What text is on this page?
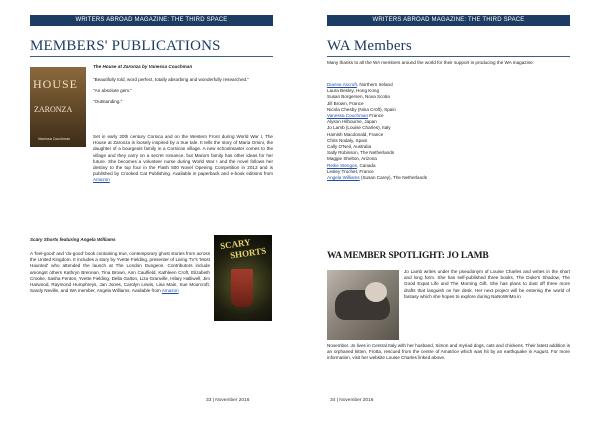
WRITERS ABROAD MAGAZINE: THE THIRD SPACE
MEMBERS' PUBLICATIONS
HOUSE
ZARONZA
Vanessa Couchman

The House at Zaronza by Vanessa Couchman

"Beautifully told, word perfect, totally absorbing and wonderfully researched."

"An absolute gem."

"Outstanding."

Set in early 20th century Corsica and on the Western Front during World War I, The House at Zaronza is loosely inspired by a true tale. It tells the story of Maria Orsini, the daughter of a bourgeois family in a Corsican village. A new schoolmaster comes to the village and they carry on a secret romance, but Maria's family has other ideas for her future. She becomes a volunteer nurse during World War I and the novel follows her destiny to the top four in the Flash 500 Novel Opening Competition in 2013 and is published by Crooked Cat Publishing. Available in paperback and e-book editions from Amazon

Scary Shorts featuring Angela Williams

A 'feel-good' and 'do-good' book containing true, contemporary ghost stories from across the United Kingdom. It includes a story by Yvette Fielding, presenter of Living TV's 'Most Haunted' who attended the launch at The London Dungeon. Contributors include amongst others Kathryn Brennan, Tina Brown, Ann Caulfield, Kathleen Croft, Elizabeth Crooke, Sasha Fenton, Yvette Fielding, Della Galton, Liza Granville, Hilary Halliwell, Jim Harwood, Raymond Humphreys, Jan Jones, Carolyn Lewis, Lisa Main, Sue Moorcroft, Sandy Neville, and WA member, Angela Williams. Available from Amazon

SCARY
SHORTS
33 | November 2016
WRITERS ABROAD MAGAZINE: THE THIRD SPACE
WA Members

Many thanks to all the WA members around the world for their support in producing the WA magazine:

Dianne Ascroft, Northern Ireland

Laura Besley, Hong Kong

Susan Borgersen, Nova Scotia

Jill Brown, France

Nicola Chesby (Nina Croft), Spain

Vanessa Couchman France

Alyson Hilbourne, Japan

Jo Lamb (Louise Charles), Italy

Hamish Macdonald, France

Chris Nodaly, Spain

Cally O'Neil, Australia

Sally Robinson, The Netherlands

Maggie Shelton, Arizona

Reike Stengos, Canada

Lesley Truchet, France

Angela Williams (Susan Carey), The Netherlands

WA MEMBER SPOTLIGHT: JO LAMB

Jo Lamb writes under the pseudonym of Louise Charles and writes in the short and long form. She has self-published three books, The Duke's Shadow, The Good Expat Life and The Morning Gift. She has plans to dust off three more drafts that languish on her desk. Her next project will be entering the world of fantasy which she hopes to explore during NaNoWriMo in

November. Jo lives in Central Italy with her husband, Simon and myriad dogs, cats and chickens. Their latest addition is an orphaned kitten, Frotta, rescued from the centre of Amatrice which was hit by an earthquake in August. For more information, visit her website Louise Charles linked above.

34 | November 2016
